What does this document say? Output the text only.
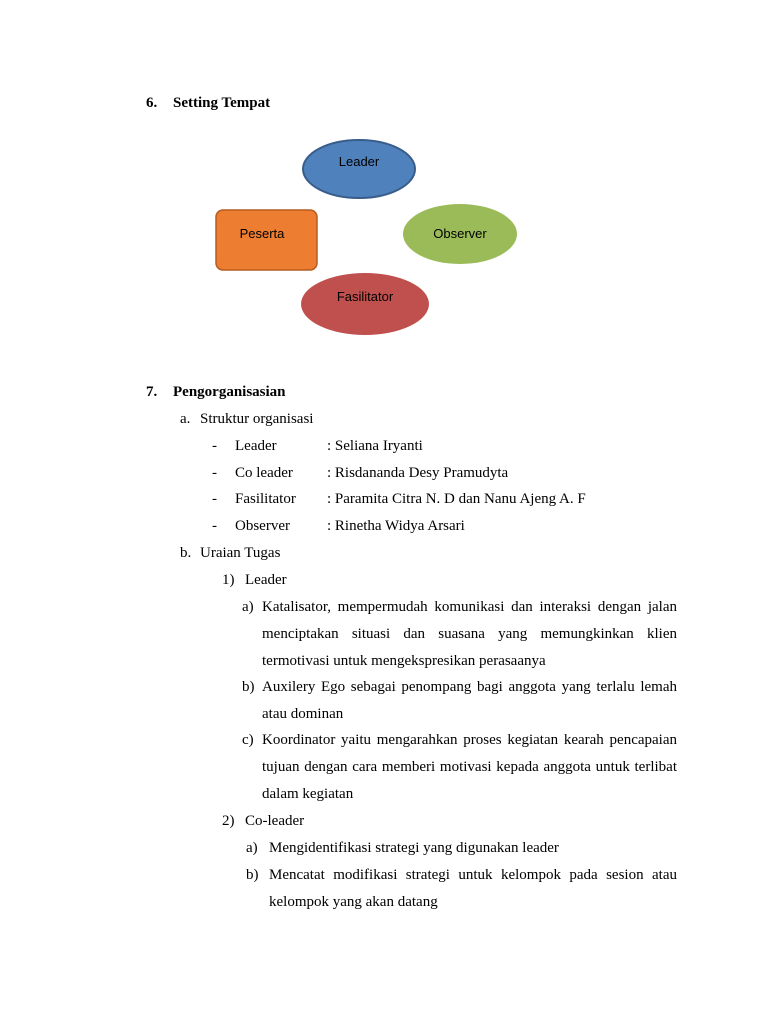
6. Setting Tempat
Leader
Peserta	Observer
Fasilitator
7. Pengorganisasian
a. Struktur organisasi
- Leader	: Seliana Iryanti
- Co leader : Risdananda Desy Pramudyta
- Fasilitator : Paramita Citra N. D dan Nanu Ajeng A. F
- Observer : Rinetha Widya Arsari
b. Uraian Tugas
1) Leader
a) Katalisator, mempermudah komunikasi dan interaksi dengan jalan
menciptakan situasi dan suasana yang memungkinkan klien
termotivasi untuk mengekspresikan perasaanya
b) Auxilery Ego sebagai penompang bagi anggota yang terlalu lemah
atau dominan
c) Koordinator yaitu mengarahkan proses kegiatan kearah pencapaian
tujuan dengan cara memberi motivasi kepada anggota untuk terlibat
dalam kegiatan
2) Co-leader
a) Mengidentifikasi strategi yang digunakan leader
b) Mencatat modifikasi strategi untuk kelompok pada sesion atau
kelompok yang akan datang
